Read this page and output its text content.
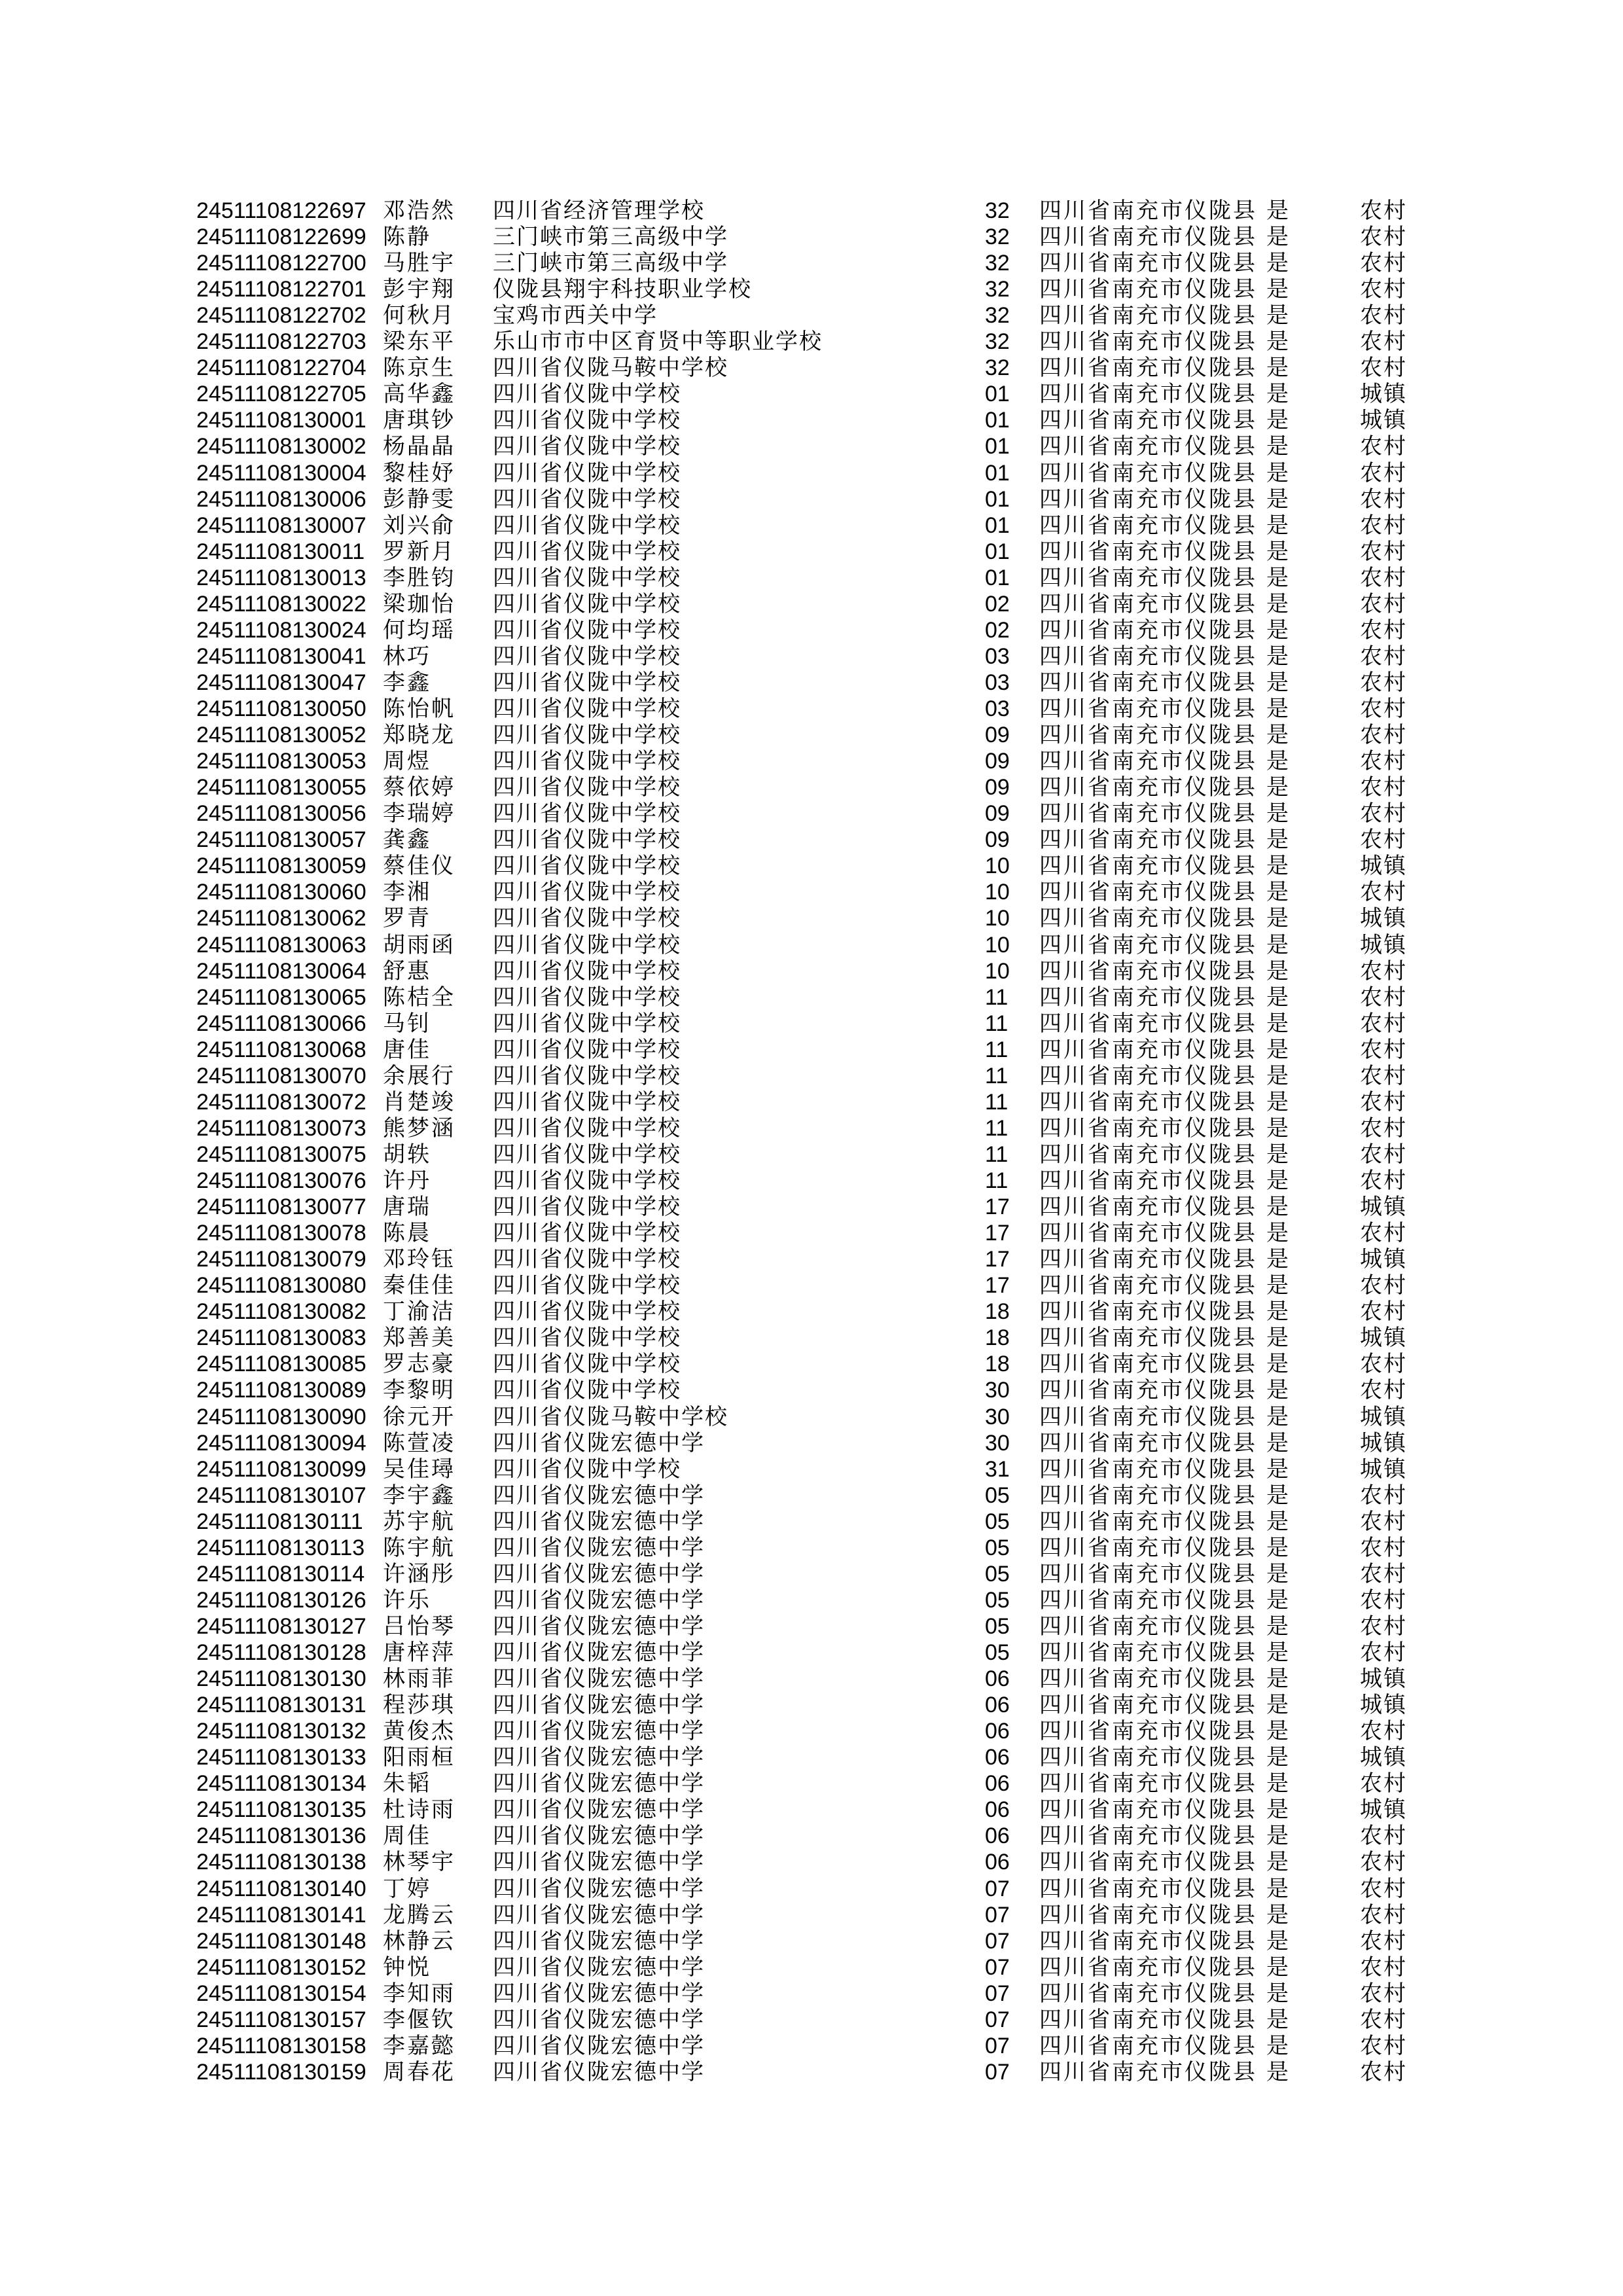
24511108122697 邓浩然 四川省经济管理学校	32 四川省南充市仪陇县 是	农村
24511108122699 陈静	三门峡市第三高级中学	32 四川省南充市仪陇县 是	农村
24511108122700 马胜宇 三门峡市第三高级中学	32 四川省南充市仪陇县 是	农村
24511108122701 彭宇翔 仪陇县翔宇科技职业学校	32 四川省南充市仪陇县 是	农村
24511108122702 何秋月 宝鸡市西关中学	32 四川省南充市仪陇县 是	农村
24511108122703 梁东平 乐山市市中区育贤中等职业学校	32 四川省南充市仪陇县 是	农村
24511108122704 陈京生 四川省仪陇马鞍中学校	32 四川省南充市仪陇县 是	农村
24511108122705 高华鑫 四川省仪陇中学校	01 四川省南充市仪陇县 是	城镇
24511108130001 唐琪钞 四川省仪陇中学校	01 四川省南充市仪陇县 是	城镇
24511108130002 杨晶晶 四川省仪陇中学校	01 四川省南充市仪陇县 是	农村
24511108130004 黎桂妤 四川省仪陇中学校	01 四川省南充市仪陇县 是	农村
24511108130006 彭静雯 四川省仪陇中学校	01 四川省南充市仪陇县 是	农村
24511108130007 刘兴俞 四川省仪陇中学校	01 四川省南充市仪陇县 是	农村
24511108130011 罗新月 四川省仪陇中学校	01 四川省南充市仪陇县 是	农村
24511108130013 李胜钧 四川省仪陇中学校	01 四川省南充市仪陇县 是	农村
24511108130022 梁珈怡 四川省仪陇中学校	02 四川省南充市仪陇县 是	农村
24511108130024 何均瑶 四川省仪陇中学校	02 四川省南充市仪陇县 是	农村
24511108130041 林巧	四川省仪陇中学校	03 四川省南充市仪陇县 是	农村
24511108130047 李鑫	四川省仪陇中学校	03 四川省南充市仪陇县 是	农村
24511108130050 陈怡帆 四川省仪陇中学校	03 四川省南充市仪陇县 是	农村
24511108130052 郑晓龙 四川省仪陇中学校	09 四川省南充市仪陇县 是	农村
24511108130053 周煜	四川省仪陇中学校	09 四川省南充市仪陇县 是	农村
24511108130055 蔡依婷 四川省仪陇中学校	09 四川省南充市仪陇县 是	农村
24511108130056 李瑞婷 四川省仪陇中学校	09 四川省南充市仪陇县 是	农村
24511108130057 龚鑫	四川省仪陇中学校	09 四川省南充市仪陇县 是	农村
24511108130059 蔡佳仪 四川省仪陇中学校	10 四川省南充市仪陇县 是	城镇
24511108130060 李湘	四川省仪陇中学校	10 四川省南充市仪陇县 是	农村
24511108130062 罗青	四川省仪陇中学校	10 四川省南充市仪陇县 是	城镇
24511108130063 胡雨函 四川省仪陇中学校	10 四川省南充市仪陇县 是	城镇
24511108130064 舒惠	四川省仪陇中学校	10 四川省南充市仪陇县 是	农村
24511108130065 陈桔全 四川省仪陇中学校	11 四川省南充市仪陇县 是	农村
24511108130066 马钊	四川省仪陇中学校	11 四川省南充市仪陇县 是	农村
24511108130068 唐佳	四川省仪陇中学校	11 四川省南充市仪陇县 是	农村
24511108130070 余展行 四川省仪陇中学校	11 四川省南充市仪陇县 是	农村
24511108130072 肖楚竣 四川省仪陇中学校	11 四川省南充市仪陇县 是	农村
24511108130073 熊梦涵 四川省仪陇中学校	11 四川省南充市仪陇县 是	农村
24511108130075 胡轶	四川省仪陇中学校	11 四川省南充市仪陇县 是	农村
24511108130076 许丹	四川省仪陇中学校	11 四川省南充市仪陇县 是	农村
24511108130077 唐瑞	四川省仪陇中学校	17 四川省南充市仪陇县 是	城镇
24511108130078 陈晨	四川省仪陇中学校	17 四川省南充市仪陇县 是	农村
24511108130079 邓玲钰 四川省仪陇中学校	17 四川省南充市仪陇县 是	城镇
24511108130080 秦佳佳 四川省仪陇中学校	17 四川省南充市仪陇县 是	农村
24511108130082 丁渝洁 四川省仪陇中学校	18 四川省南充市仪陇县 是	农村
24511108130083 郑善美 四川省仪陇中学校	18 四川省南充市仪陇县 是	城镇
24511108130085 罗志豪 四川省仪陇中学校	18 四川省南充市仪陇县 是	农村
24511108130089 李黎明 四川省仪陇中学校	30 四川省南充市仪陇县 是	农村
24511108130090 徐元开 四川省仪陇马鞍中学校	30 四川省南充市仪陇县 是	城镇
24511108130094 陈萱凌 四川省仪陇宏德中学	30 四川省南充市仪陇县 是	城镇
24511108130099 吴佳璕 四川省仪陇中学校	31 四川省南充市仪陇县 是	城镇
24511108130107 李宇鑫 四川省仪陇宏德中学	05 四川省南充市仪陇县 是	农村
24511108130111 苏宇航 四川省仪陇宏德中学	05 四川省南充市仪陇县 是	农村
24511108130113 陈宇航 四川省仪陇宏德中学	05 四川省南充市仪陇县 是	农村
24511108130114 许涵彤 四川省仪陇宏德中学	05 四川省南充市仪陇县 是	农村
24511108130126 许乐	四川省仪陇宏德中学	05 四川省南充市仪陇县 是	农村
24511108130127 吕怡琴 四川省仪陇宏德中学	05 四川省南充市仪陇县 是	农村
24511108130128 唐梓萍 四川省仪陇宏德中学	05 四川省南充市仪陇县 是	农村
24511108130130 林雨菲 四川省仪陇宏德中学	06 四川省南充市仪陇县 是	城镇
24511108130131 程莎琪 四川省仪陇宏德中学	06 四川省南充市仪陇县 是	城镇
24511108130132 黄俊杰 四川省仪陇宏德中学	06 四川省南充市仪陇县 是	农村
24511108130133 阳雨桓 四川省仪陇宏德中学	06 四川省南充市仪陇县 是	城镇
24511108130134 朱韬	四川省仪陇宏德中学	06 四川省南充市仪陇县 是	农村
24511108130135 杜诗雨 四川省仪陇宏德中学	06 四川省南充市仪陇县 是	城镇
24511108130136 周佳	四川省仪陇宏德中学	06 四川省南充市仪陇县 是	农村
24511108130138 林琴宇 四川省仪陇宏德中学	06 四川省南充市仪陇县 是	农村
24511108130140 丁婷	四川省仪陇宏德中学	07 四川省南充市仪陇县 是	农村
24511108130141 龙腾云 四川省仪陇宏德中学	07 四川省南充市仪陇县 是	农村
24511108130148 林静云 四川省仪陇宏德中学	07 四川省南充市仪陇县 是	农村
24511108130152 钟悦	四川省仪陇宏德中学	07 四川省南充市仪陇县 是	农村
24511108130154 李知雨 四川省仪陇宏德中学	07 四川省南充市仪陇县 是	农村
24511108130157 李偃钦 四川省仪陇宏德中学	07 四川省南充市仪陇县 是	农村
24511108130158 李嘉懿 四川省仪陇宏德中学	07 四川省南充市仪陇县 是	农村
24511108130159 周春花 四川省仪陇宏德中学	07 四川省南充市仪陇县 是	农村
